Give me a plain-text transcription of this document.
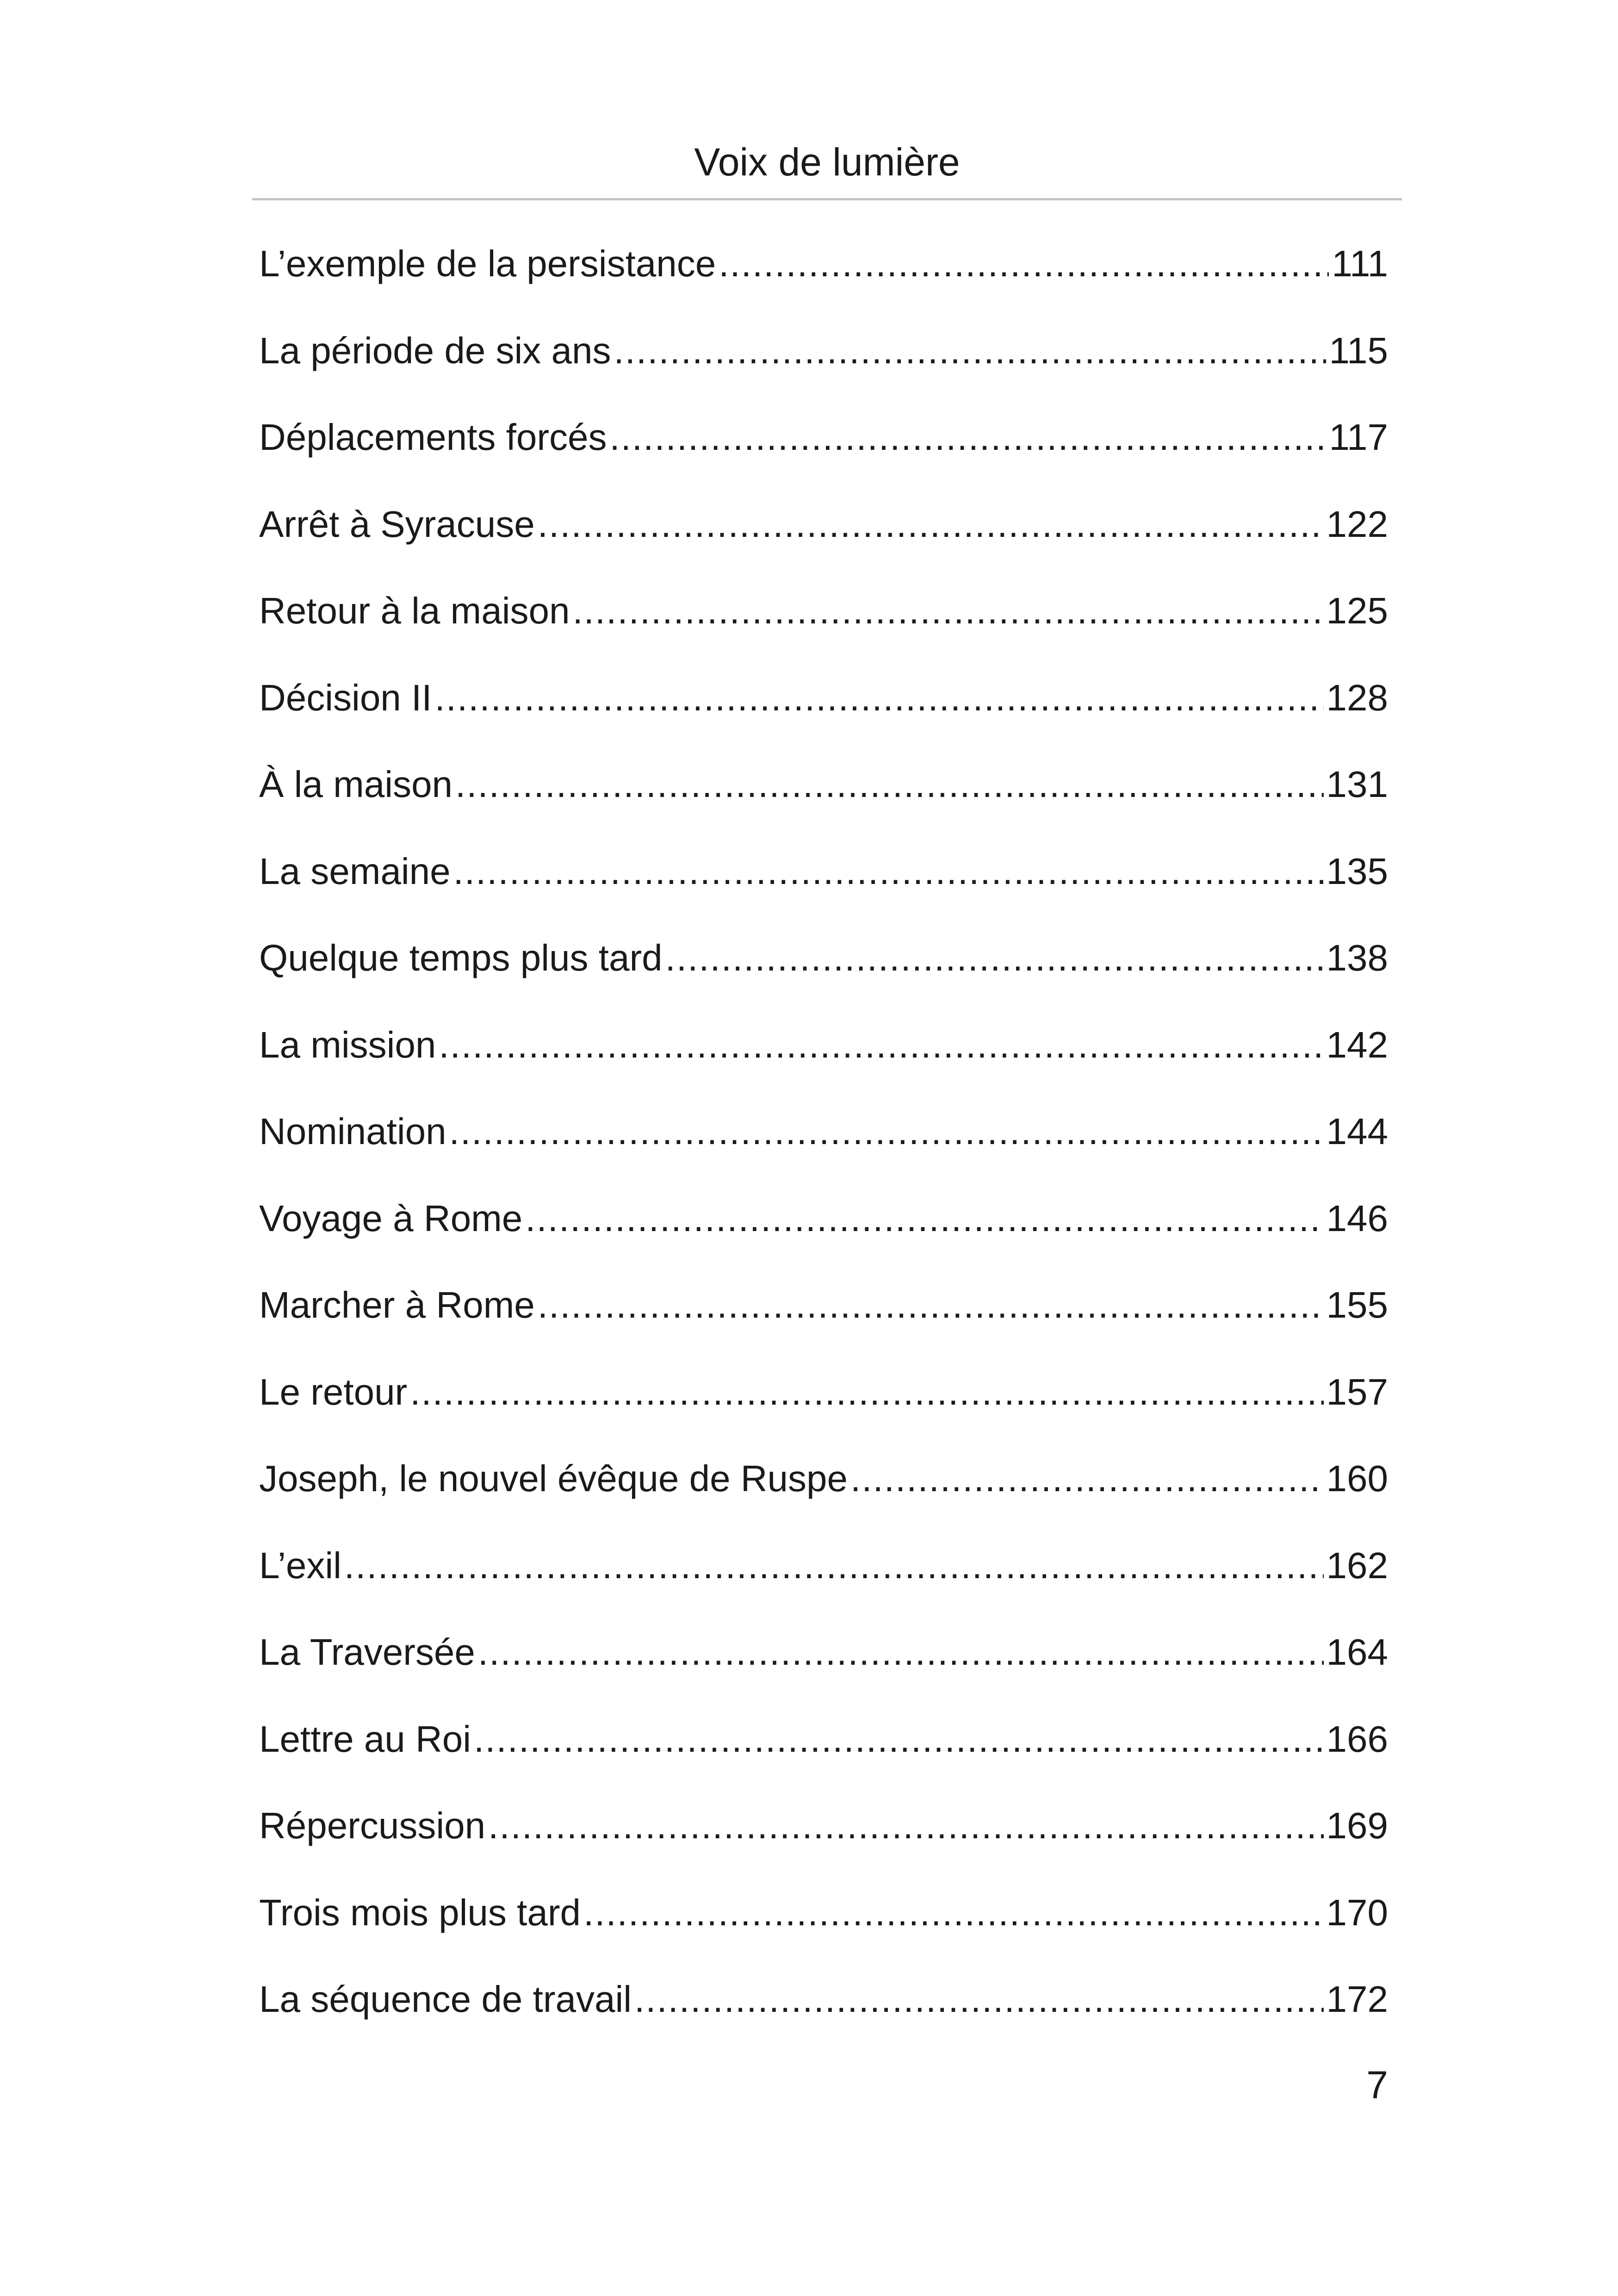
Voix de lumière
L’exemple de la persistance .....	111
La période de six ans .....	115
Déplacements forcés .....	117
Arrêt à Syracuse .....	122
Retour à la maison .....	125
Décision II .....	128
À la maison .....	131
La semaine .....	135
Quelque temps plus tard .....	138
La mission .....	142
Nomination .....	144
Voyage à Rome .....	146
Marcher à Rome .....	155
Le retour .....	157
Joseph, le nouvel évêque de Ruspe .....	160
L’exil .....	162
La Traversée .....	164
Lettre au Roi .....	166
Répercussion .....	169
Trois mois plus tard .....	170
La séquence de travail .....	172
7
